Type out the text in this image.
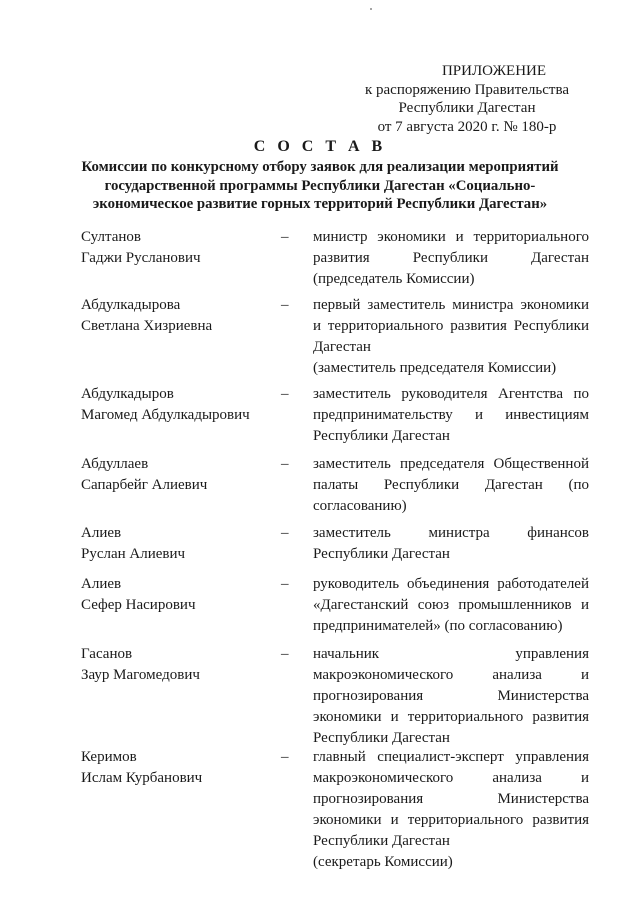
ПРИЛОЖЕНИЕ
к распоряжению Правительства
Республики Дагестан
от 7 августа 2020 г. № 180-р
С О С Т А В
Комиссии по конкурсному отбору заявок для реализации мероприятий
государственной программы Республики Дагестан «Социально-
экономическое развитие горных территорий Республики Дагестан»
Султанов
Гаджи Русланович
– министр экономики и территориального
развития Республики Дагестан
(председатель Комиссии)
Абдулкадырова
Светлана Хизриевна
– первый заместитель министра экономики
и территориального развития Республики
Дагестан
(заместитель председателя Комиссии)
Абдулкадыров
Магомед Абдулкадырович
– заместитель руководителя Агентства по
предпринимательству и инвестициям
Республики Дагестан
Абдуллаев
Сапарбейг Алиевич
– заместитель председателя Общественной
палаты Республики Дагестан (по
согласованию)
Алиев
Руслан Алиевич
– заместитель министра финансов
Республики Дагестан
Алиев
Сефер Насирович
– руководитель объединения работодателей
«Дагестанский союз промышленников и
предпринимателей» (по согласованию)
Гасанов
Заур Магомедович
– начальник управления
макроэкономического анализа и
прогнозирования Министерства
экономики и территориального развития
Республики Дагестан
Керимов
Ислам Курбанович
– главный специалист-эксперт управления
макроэкономического анализа и
прогнозирования Министерства
экономики и территориального развития
Республики Дагестан
(секретарь Комиссии)
